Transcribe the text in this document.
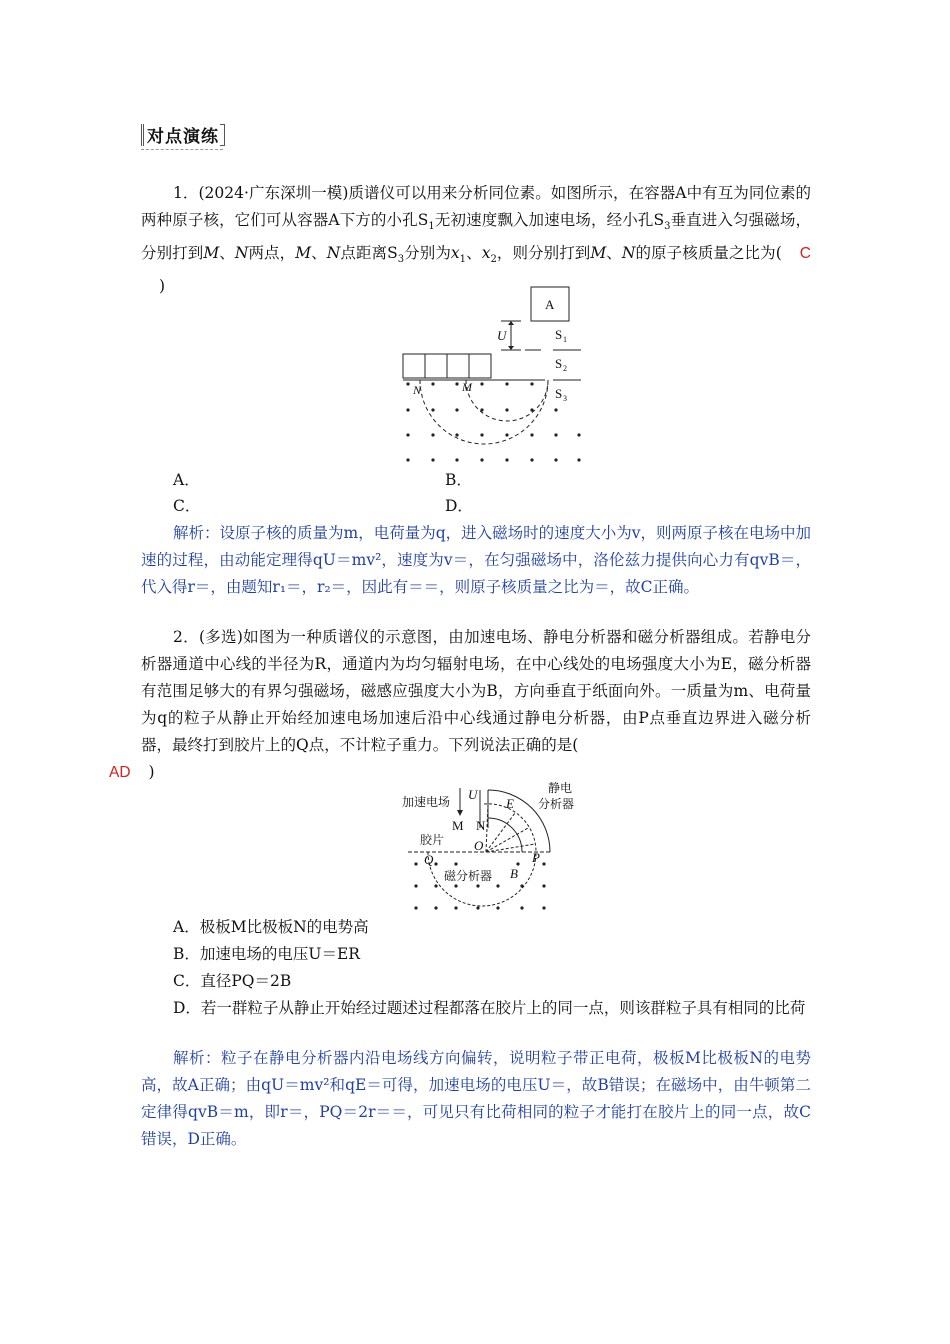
对点演练
1．(2024·广东深圳一模)质谱仪可以用来分析同位素。如图所示，在容器A中有互为同位素的两种原子核，它们可从容器A下方的小孔$S_1$无初速度飘入加速电场，经小孔$S_3$垂直进入匀强磁场，分别打到M、N两点，M、N点距离$S_3$分别为$x_1$、$x_2$，则分别打到M、N的原子核质量之比为( C)
A
U	S 1
S 2
S 3
N	M
A．	B．
C．	D．
解析：设原子核的质量为m，电荷量为q，进入磁场时的速度大小为v，则两原子核在电场中加速的过程，由动能定理得qU＝mv²，速度为v＝，在匀强磁场中，洛伦兹力提供向心力有qvB＝，代入得r＝，由题知r₁＝，r₂＝，因此有＝＝，则原子核质量之比为＝，故C正确。
2．(多选)如图为一种质谱仪的示意图，由加速电场、静电分析器和磁分析器组成。若静电分析器通道中心线的半径为R，通道内为均匀辐射电场，在中心线处的电场强度大小为E，磁分析器有范围足够大的有界匀强磁场，磁感应强度大小为B，方向垂直于纸面向外。一质量为m、电荷量为q的粒子从静止开始经加速电场加速后沿中心线通过静电分析器，由P点垂直边界进入磁分析器，最终打到胶片上的Q点，不计粒子重力。下列说法正确的是(
AD )
加速电场 U
E
静电
分析器
M N
胶片 O
Q	P
磁分析器 B
A．极板M比极板N的电势高
B．加速电场的电压U＝ER
C．直径PQ＝2B
D．若一群粒子从静止开始经过题述过程都落在胶片上的同一点，则该群粒子具有相同的比荷
解析：粒子在静电分析器内沿电场线方向偏转，说明粒子带正电荷，极板M比极板N的电势高，故A正确；由qU＝mv²和qE＝可得，加速电场的电压U＝，故B错误；在磁场中，由牛顿第二定律得qvB＝m，即r＝，PQ＝2r＝＝，可见只有比荷相同的粒子才能打在胶片上的同一点，故C错误，D正确。
